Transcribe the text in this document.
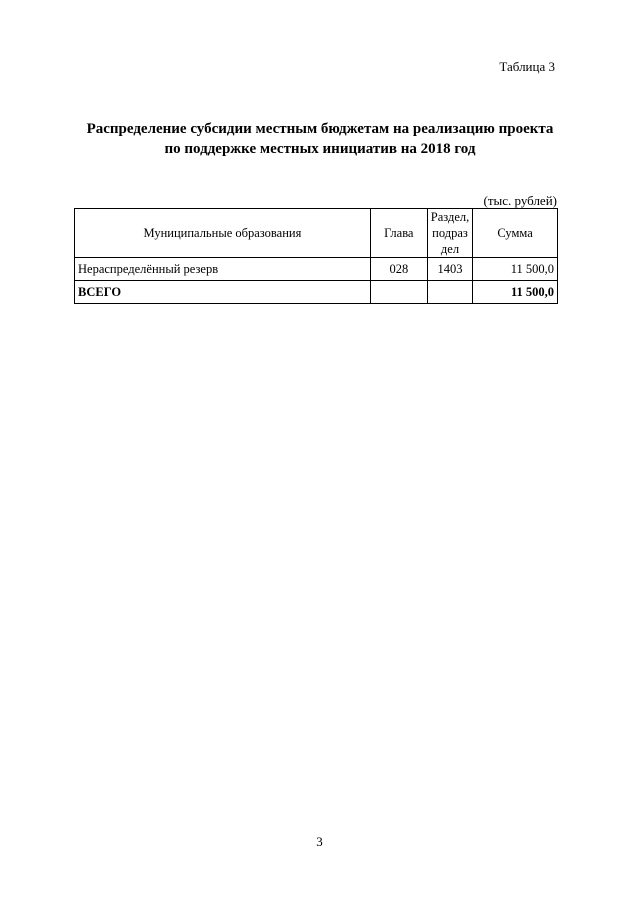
Таблица 3
Распределение субсидии местным бюджетам на реализацию проекта
по поддержке местных инициатив на 2018 год
(тыс. рублей)
Муниципальные образования	Глава	Раздел,
подраз
дел	Сумма
Нераспределённый резерв	028	1403	11 500,0
ВСЕГО			11 500,0
3
